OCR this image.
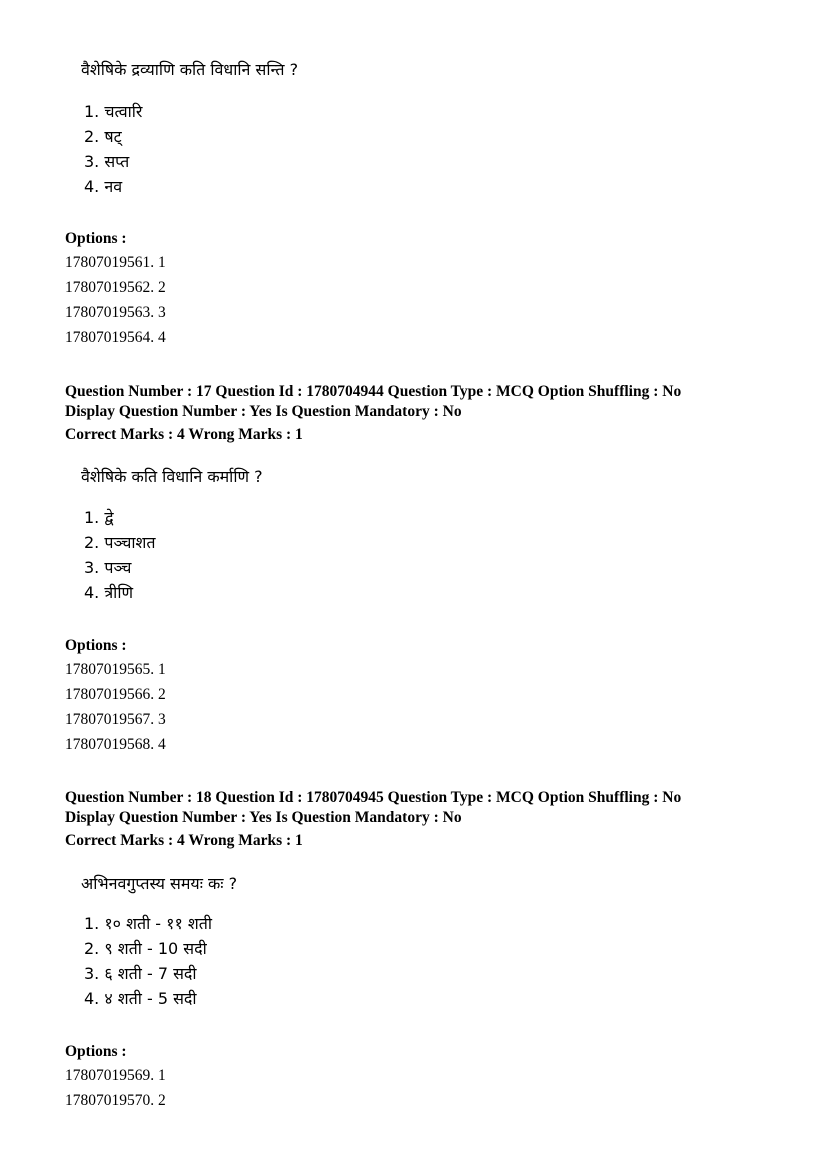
वैशेषिके द्रव्याणि कति विधानि सन्ति ?
1. चत्वारि
2. षट्
3. सप्त
4. नव
Options :
17807019561. 1
17807019562. 2
17807019563. 3
17807019564. 4
Question Number : 17 Question Id : 1780704944 Question Type : MCQ Option Shuffling : No
Display Question Number : Yes Is Question Mandatory : No
Correct Marks : 4 Wrong Marks : 1
वैशेषिके कति विधानि कर्माणि ?
1. द्वे
2. पञ्चाशत
3. पञ्च
4. त्रीणि
Options :
17807019565. 1
17807019566. 2
17807019567. 3
17807019568. 4
Question Number : 18 Question Id : 1780704945 Question Type : MCQ Option Shuffling : No
Display Question Number : Yes Is Question Mandatory : No
Correct Marks : 4 Wrong Marks : 1
अभिनवगुप्तस्य समयः कः ?
1. १० शती - ११ शती
2. ९ शती - 10 सदी
3. ६ शती - 7 सदी
4. ४ शती - 5 सदी
Options :
17807019569. 1
17807019570. 2
